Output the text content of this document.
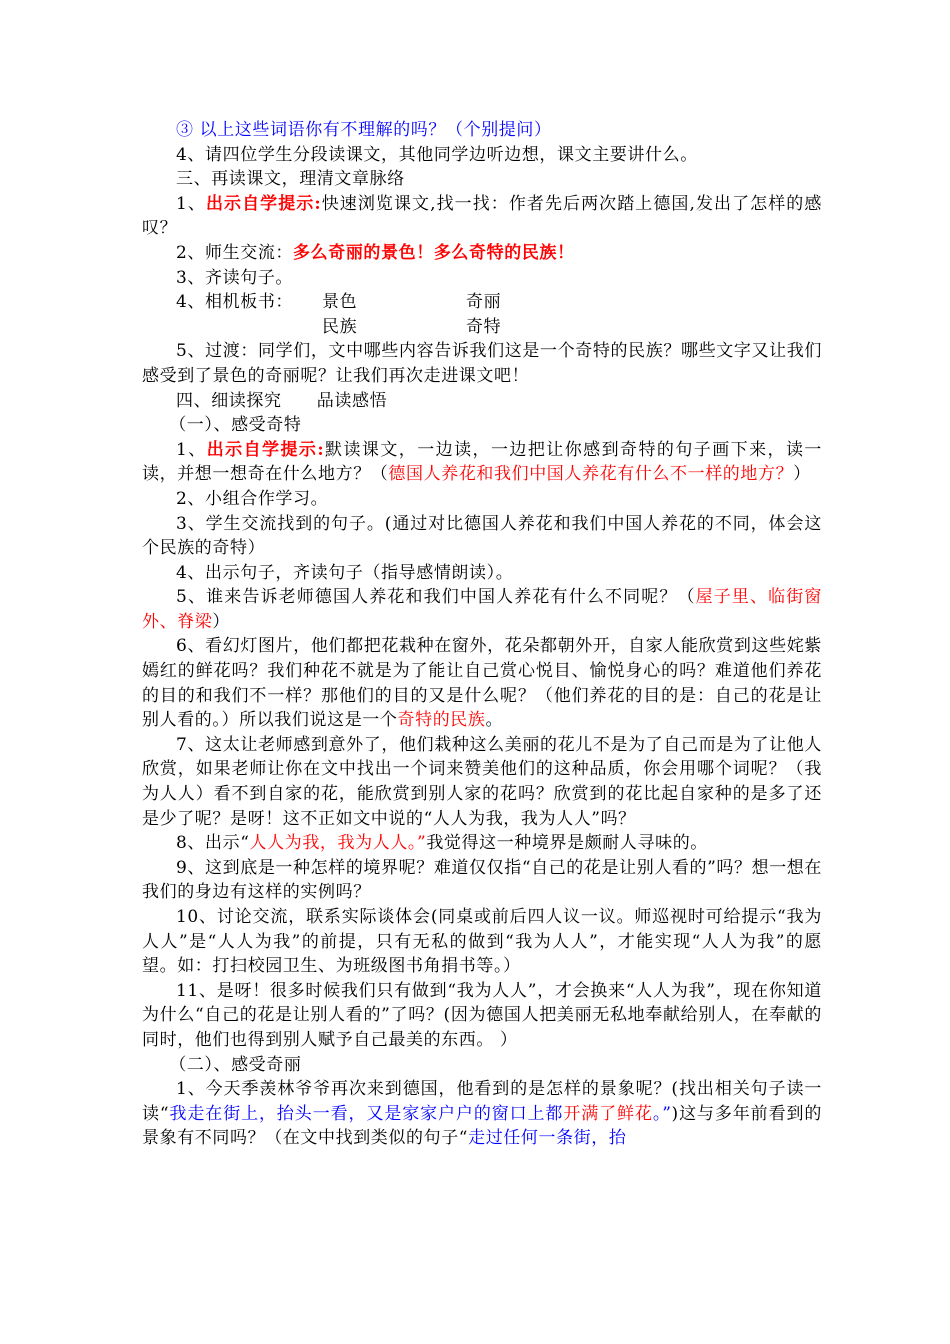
③ 以上这些词语你有不理解的吗？（个别提问）

4、请四位学生分段读课文，其他同学边听边想，课文主要讲什么。

三、再读课文，理清文章脉络

1、出示自学提示:快速浏览课文,找一找：作者先后两次踏上德国,发出了怎样的感叹？

2、师生交流：多么奇丽的景色！多么奇特的民族！

3、齐读句子。

4、相机板书：	景色	奇丽
民族	奇特

5、过渡：同学们，文中哪些内容告诉我们这是一个奇特的民族？哪些文字又让我们感受到了景色的奇丽呢？让我们再次走进课文吧！

四、细读探究　　品读感悟

（一）、感受奇特

1、出示自学提示:默读课文，一边读，一边把让你感到奇特的句子画下来，读一读，并想一想奇在什么地方？（德国人养花和我们中国人养花有什么不一样的地方？）

2、小组合作学习。

3、学生交流找到的句子。(通过对比德国人养花和我们中国人养花的不同，体会这个民族的奇特）

4、出示句子，齐读句子（指导感情朗读）。

5、谁来告诉老师德国人养花和我们中国人养花有什么不同呢？（屋子里、临街窗外、脊梁）

6、看幻灯图片，他们都把花栽种在窗外，花朵都朝外开，自家人能欣赏到这些姹紫嫣红的鲜花吗？我们种花不就是为了能让自己赏心悦目、愉悦身心的吗？难道他们养花的目的和我们不一样？那他们的目的又是什么呢？（他们养花的目的是：自己的花是让别人看的。）所以我们说这是一个奇特的民族。

7、这太让老师感到意外了，他们栽种这么美丽的花儿不是为了自己而是为了让他人欣赏，如果老师让你在文中找出一个词来赞美他们的这种品质，你会用哪个词呢？（我为人人）看不到自家的花，能欣赏到别人家的花吗？欣赏到的花比起自家种的是多了还是少了呢？是呀！这不正如文中说的“人人为我，我为人人”吗？

8、出示“人人为我，我为人人。”我觉得这一种境界是颇耐人寻味的。

9、这到底是一种怎样的境界呢？难道仅仅指“自己的花是让别人看的”吗？想一想在我们的身边有这样的实例吗？

10、讨论交流，联系实际谈体会(同桌或前后四人议一议。师巡视时可给提示“我为人人”是“人人为我”的前提，只有无私的做到“我为人人”，才能实现“人人为我”的愿望。如：打扫校园卫生、为班级图书角捐书等。）

11、是呀！很多时候我们只有做到“我为人人”，才会换来“人人为我”，现在你知道为什么“自己的花是让别人看的”了吗？(因为德国人把美丽无私地奉献给别人，在奉献的同时，他们也得到别人赋予自己最美的东西。 ）

（二）、感受奇丽

1、今天季羡林爷爷再次来到德国，他看到的是怎样的景象呢？(找出相关句子读一读“我走在街上，抬头一看，又是家家户户的窗口上都开满了鲜花。”)这与多年前看到的景象有不同吗？（在文中找到类似的句子“走过任何一条街，抬
